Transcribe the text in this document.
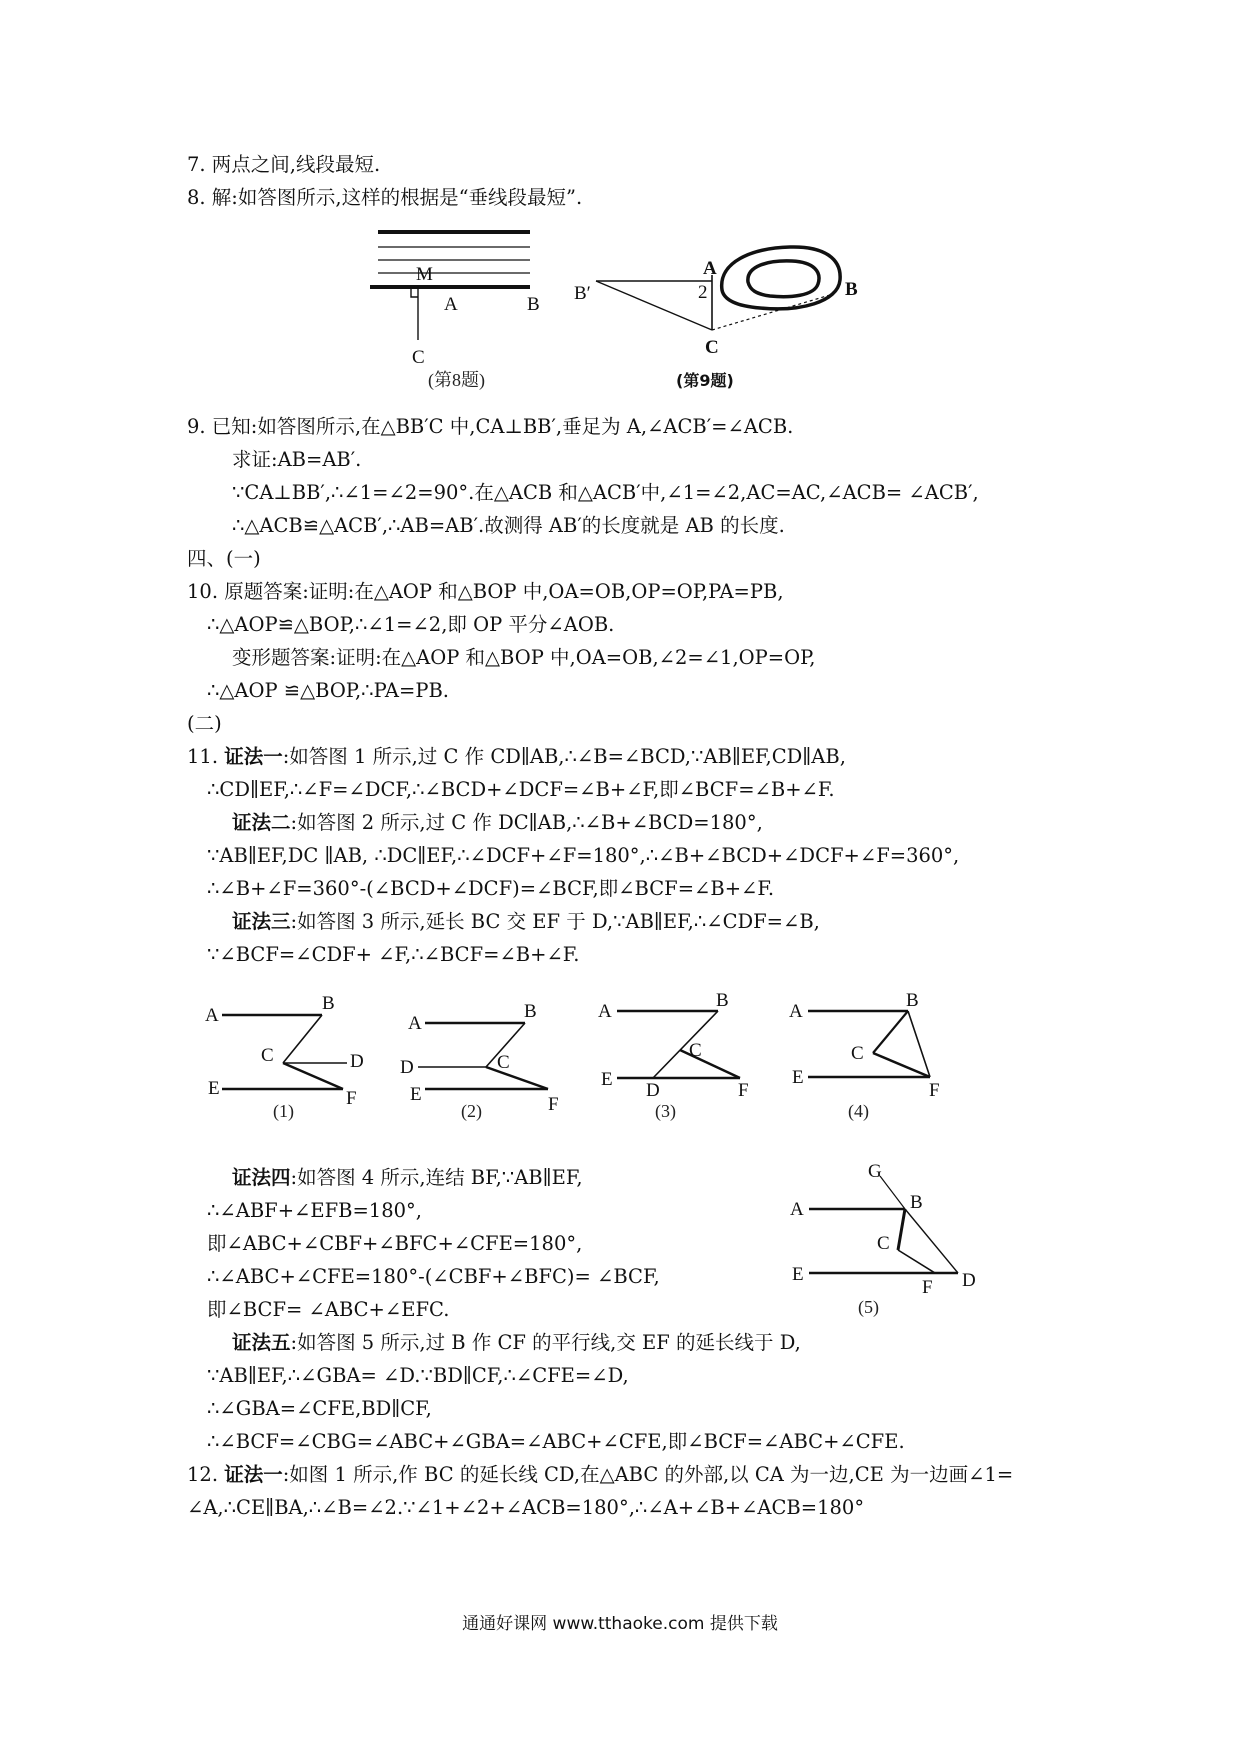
7. 两点之间,线段最短.
8. 解:如答图所示,这样的根据是“垂线段最短”.
9. 已知:如答图所示,在△BB′C 中,CA⊥BB′,垂足为 A,∠ACB′=∠ACB.
求证:AB=AB′.
∵CA⊥BB′,∴∠1=∠2=90°.在△ACB 和△ACB′中,∠1=∠2,AC=AC,∠ACB= ∠ACB′,
∴△ACB≌△ACB′,∴AB=AB′.故测得 AB′的长度就是 AB 的长度.
四、(一)
10. 原题答案:证明:在△AOP 和△BOP 中,OA=OB,OP=OP,PA=PB,
∴△AOP≌△BOP,∴∠1=∠2,即 OP 平分∠AOB.
变形题答案:证明:在△AOP 和△BOP 中,OA=OB,∠2=∠1,OP=OP,
∴△AOP ≌△BOP,∴PA=PB.
(二)
11. 证法一:如答图 1 所示,过 C 作 CD∥AB,∴∠B=∠BCD,∵AB∥EF,CD∥AB,
∴CD∥EF,∴∠F=∠DCF,∴∠BCD+∠DCF=∠B+∠F,即∠BCF=∠B+∠F.
证法二:如答图 2 所示,过 C 作 DC∥AB,∴∠B+∠BCD=180°,
∵AB∥EF,DC ∥AB, ∴DC∥EF,∴∠DCF+∠F=180°,∴∠B+∠BCD+∠DCF+∠F=360°,
∴∠B+∠F=360°-(∠BCD+∠DCF)=∠BCF,即∠BCF=∠B+∠F.
证法三:如答图 3 所示,延长 BC 交 EF 于 D,∵AB∥EF,∴∠CDF=∠B,
∵∠BCF=∠CDF+ ∠F,∴∠BCF=∠B+∠F.
证法四:如答图 4 所示,连结 BF,∵AB∥EF,
∴∠ABF+∠EFB=180°,
即∠ABC+∠CBF+∠BFC+∠CFE=180°,
∴∠ABC+∠CFE=180°-(∠CBF+∠BFC)= ∠BCF,
即∠BCF= ∠ABC+∠EFC.
证法五:如答图 5 所示,过 B 作 CF 的平行线,交 EF 的延长线于 D,
∵AB∥EF,∴∠GBA= ∠D.∵BD∥CF,∴∠CFE=∠D,
∴∠GBA=∠CFE,BD∥CF,
∴∠BCF=∠CBG=∠ABC+∠GBA=∠ABC+∠CFE,即∠BCF=∠ABC+∠CFE.
12. 证法一:如图 1 所示,作 BC 的延长线 CD,在△ABC 的外部,以 CA 为一边,CE 为一边画∠1=
∠A,∴CE∥BA,∴∠B=∠2.∵∠1+∠2+∠ACB=180°,∴∠A+∠B+∠ACB=180°
通通好课网 www.tthaoke.com 提供下载
M
A	B
C
(第8题)
B′
A
2	B
C
(第9题)
A
B
C	D
E	F
(1)
A
B
C
D
E	F
(2)
A
B
C
D
E
F
(3)
A
B
C
E
F
(4)
G
A	B
C
E
F D
(5)
